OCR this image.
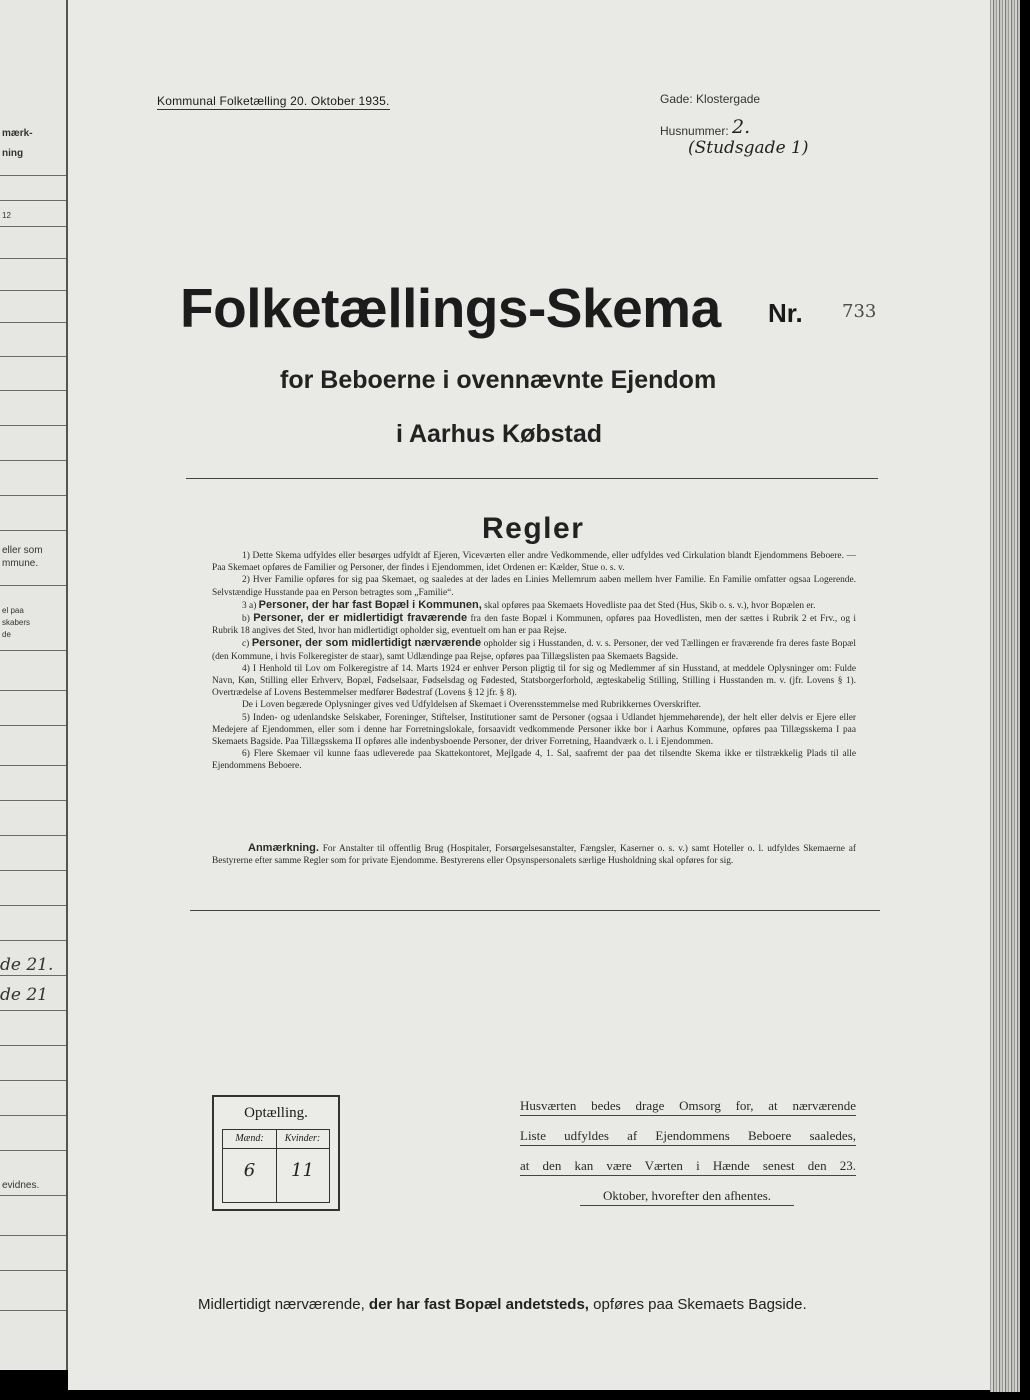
mærk-
ning
12
eller som
mmune.
el paa
skabers
de
de 21.
de 21
evidnes.
Kommunal Folketælling 20. Oktober 1935.	Gade: Klostergade
Husnummer: 2.
(Studsgade 1)
Folketællings-Skema Nr. 733
for Beboerne i ovennævnte Ejendom
i Aarhus Købstad
Regler

1) Dette Skema udfyldes eller besørges udfyldt af Ejeren, Viceværten eller andre Vedkommende, eller udfyldes ved Cirkulation blandt Ejendommens Beboere. — Paa Skemaet opføres de Familier og Personer, der findes i Ejendommen, idet Ordenen er: Kælder, Stue o. s. v.

2) Hver Familie opføres for sig paa Skemaet, og saaledes at der lades en Linies Mellemrum aaben mellem hver Familie. En Familie omfatter ogsaa Logerende. Selvstændige Husstande paa en Person betragtes som „Familie“.

3 a) Personer, der har fast Bopæl i Kommunen, skal opføres paa Skemaets Hovedliste paa det Sted (Hus, Skib o. s. v.), hvor Bopælen er.

b) Personer, der er midlertidigt fraværende fra den faste Bopæl i Kommunen, opføres paa Hovedlisten, men der sættes i Rubrik 2 et Frv., og i Rubrik 18 angives det Sted, hvor han midlertidigt opholder sig, eventuelt om han er paa Rejse.

c) Personer, der som midlertidigt nærværende opholder sig i Husstanden, d. v. s. Personer, der ved Tællingen er fraværende fra deres faste Bopæl (den Kommune, i hvis Folkeregister de staar), samt Udlændinge paa Rejse, opføres paa Tillægslisten paa Skemaets Bagside.

4) I Henhold til Lov om Folkeregistre af 14. Marts 1924 er enhver Person pligtig til for sig og Medlemmer af sin Husstand, at meddele Oplysninger om: Fulde Navn, Køn, Stilling eller Erhverv, Bopæl, Fødselsaar, Fødselsdag og Fødested, Statsborgerforhold, ægteskabelig Stilling, Stilling i Husstanden m. v. (jfr. Lovens § 1). Overtrædelse af Lovens Bestemmelser medfører Bødestraf (Lovens § 12 jfr. § 8).

De i Loven begærede Oplysninger gives ved Udfyldelsen af Skemaet i Overensstemmelse med Rubrikkernes Overskrifter.

5) Inden- og udenlandske Selskaber, Foreninger, Stiftelser, Institutioner samt de Personer (ogsaa i Udlandet hjemmehørende), der helt eller delvis er Ejere eller Medejere af Ejendommen, eller som i denne har Forretningslokale, forsaavidt vedkommende Personer ikke bor i Aarhus Kommune, opføres paa Tillægsskema I paa Skemaets Bagside. Paa Tillægsskema II opføres alle indenbysboende Personer, der driver Forretning, Haandværk o. l. i Ejendommen.

6) Flere Skemaer vil kunne faas udleverede paa Skattekontoret, Mejlgade 4, 1. Sal, saafremt der paa det tilsendte Skema ikke er tilstrækkelig Plads til alle Ejendommens Beboere.

Anmærkning. For Anstalter til offentlig Brug (Hospitaler, Forsørgelsesanstalter, Fængsler, Kaserner o. s. v.) samt Hoteller o. l. udfyldes Skemaerne af Bestyrerne efter samme Regler som for private Ejendomme. Bestyrerens eller Opsynspersonalets særlige Husholdning skal opføres for sig.
Optælling.
Mænd:	Kvinder:
6	11
Husværten bedes drage Omsorg for, at nærværende
Liste udfyldes af Ejendommens Beboere saaledes,
at den kan være Værten i Hænde senest den 23.
Oktober, hvorefter den afhentes.
Midlertidigt nærværende, der har fast Bopæl andetsteds, opføres paa Skemaets Bagside.
